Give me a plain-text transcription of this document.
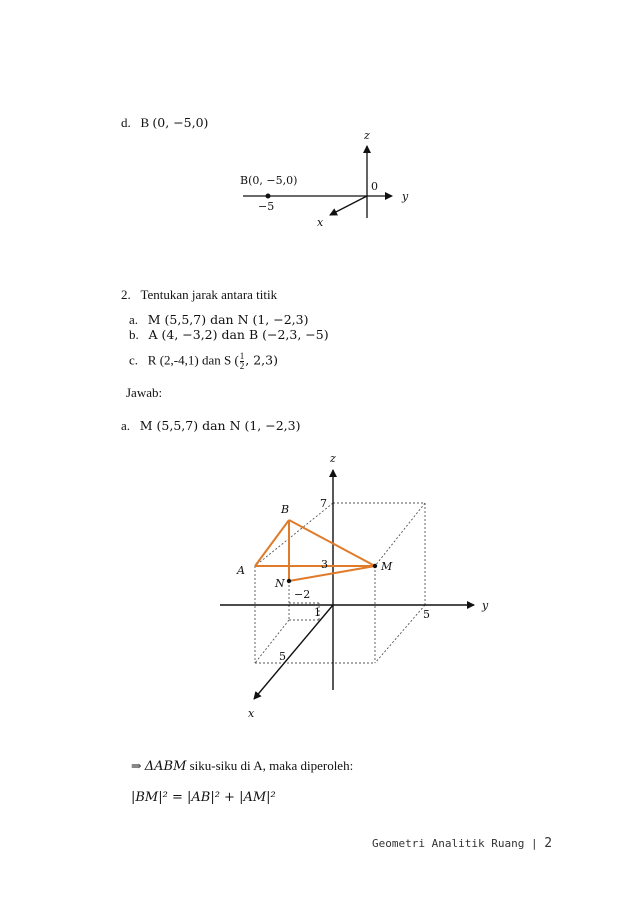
d. B (0, −5,0)
z
y
x
0
−5
B(0, −5,0)
2. Tentukan jarak antara titik
a. M (5,5,7) dan N (1, −2,3)
b. A (4, −3,2) dan B (−2,3, −5)
c. R (2,-4,1) dan S ( $\frac{1}{2}$ , 2,3)
Jawab:
a. M (5,5,7) dan N (1, −2,3)
z
y
x
B
A
N
M
7
3
−2
1	5
5
⇒ ΔABM siku-siku di A, maka diperoleh:
|BM|² = |AB|² + |AM|²
Geometri Analitik Ruang | 2
